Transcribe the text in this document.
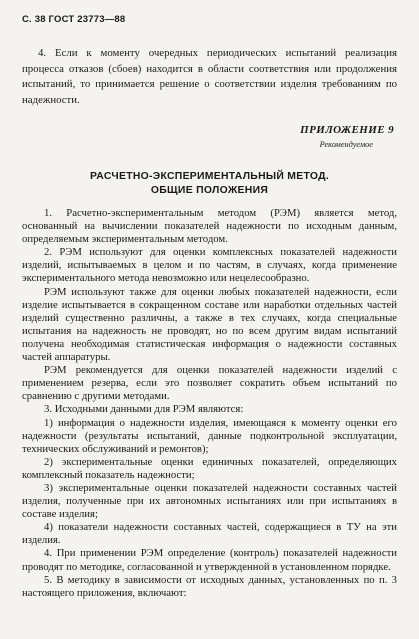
С. 38 ГОСТ 23773—88

4. Если к моменту очередных периодических испытаний реализация процесса отказов (сбоев) находится в области соответствия или продолжения испытаний, то принимается решение о соответствии изделия требованиям по надежности.

ПРИЛОЖЕНИЕ 9
Рекомендуемое
РАСЧЕТНО-ЭКСПЕРИМЕНТАЛЬНЫЙ МЕТОД.
ОБЩИЕ ПОЛОЖЕНИЯ

1. Расчетно-экспериментальным методом (РЭМ) является метод, основанный на вычислении показателей надежности по исходным данным, определяемым экспериментальным методом.

2. РЭМ используют для оценки комплексных показателей надежности изделий, испытываемых в целом и по частям, в случаях, когда применение экспериментального метода невозможно или нецелесообразно.

РЭМ используют также для оценки любых показателей надежности, если изделие испытывается в сокращенном составе или наработки отдельных частей изделий существенно различны, а также в тех случаях, когда специальные испытания на надежность не проводят, но по всем другим видам испытаний получена необходимая статистическая информация о надежности составных частей аппаратуры.

РЭМ рекомендуется для оценки показателей надежности изделий с применением резерва, если это позволяет сократить объем испытаний по сравнению с другими методами.

3. Исходными данными для РЭМ являются:

1) информация о надежности изделия, имеющаяся к моменту оценки его надежности (результаты испытаний, данные подконтрольной эксплуатации, технических обслуживаний и ремонтов);

2) экспериментальные оценки единичных показателей, определяющих комплексный показатель надежности;

3) экспериментальные оценки показателей надежности составных частей изделия, полученные при их автономных испытаниях или при испытаниях в составе изделия;

4) показатели надежности составных частей, содержащиеся в ТУ на эти изделия.

4. При применении РЭМ определение (контроль) показателей надежности проводят по методике, согласованной и утвержденной в установленном порядке.

5. В методику в зависимости от исходных данных, установленных по п. 3 настоящего приложения, включают:
